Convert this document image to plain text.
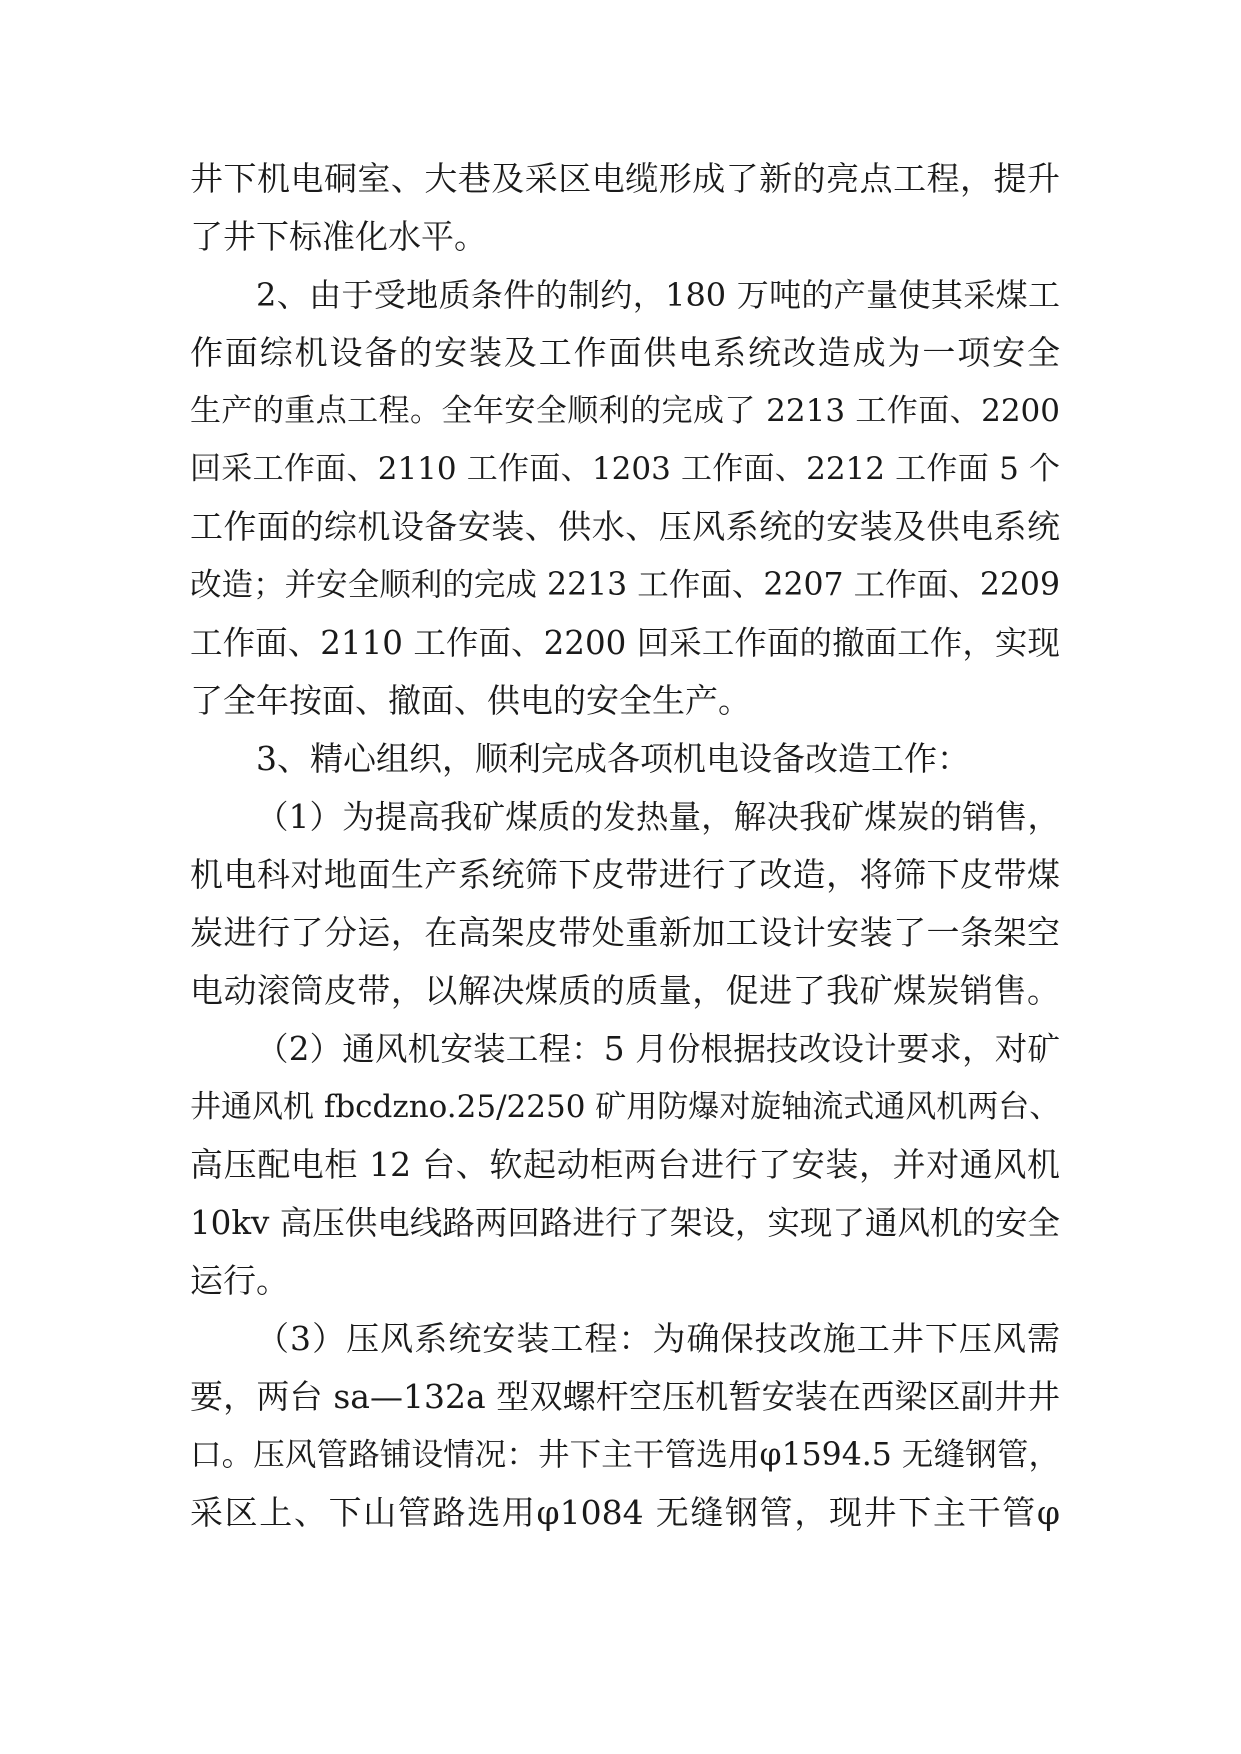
井下机电硐室、大巷及采区电缆形成了新的亮点工程，提升
了井下标准化水平。
2、由于受地质条件的制约，180 万吨的产量使其采煤工
作面综机设备的安装及工作面供电系统改造成为一项安全
生产的重点工程。全年安全顺利的完成了 2213 工作面、2200
回采工作面、2110 工作面、1203 工作面、2212 工作面 5 个
工作面的综机设备安装、供水、压风系统的安装及供电系统
改造；并安全顺利的完成 2213 工作面、2207 工作面、2209
工作面、2110 工作面、2200 回采工作面的撤面工作，实现
了全年按面、撤面、供电的安全生产。
3、精心组织，顺利完成各项机电设备改造工作：
（1）为提高我矿煤质的发热量，解决我矿煤炭的销售，
机电科对地面生产系统筛下皮带进行了改造，将筛下皮带煤
炭进行了分运，在高架皮带处重新加工设计安装了一条架空
电动滚筒皮带，以解决煤质的质量，促进了我矿煤炭销售。
（2）通风机安装工程：5 月份根据技改设计要求，对矿
井通风机 fbcdzno.25/2250 矿用防爆对旋轴流式通风机两台、
高压配电柜 12 台、软起动柜两台进行了安装，并对通风机
10kv 高压供电线路两回路进行了架设，实现了通风机的安全
运行。
（3）压风系统安装工程：为确保技改施工井下压风需
要，两台 sa—132a 型双螺杆空压机暂安装在西梁区副井井
口。压风管路铺设情况：井下主干管选用φ1594.5 无缝钢管，
采区上、下山管路选用φ1084 无缝钢管，现井下主干管φ
